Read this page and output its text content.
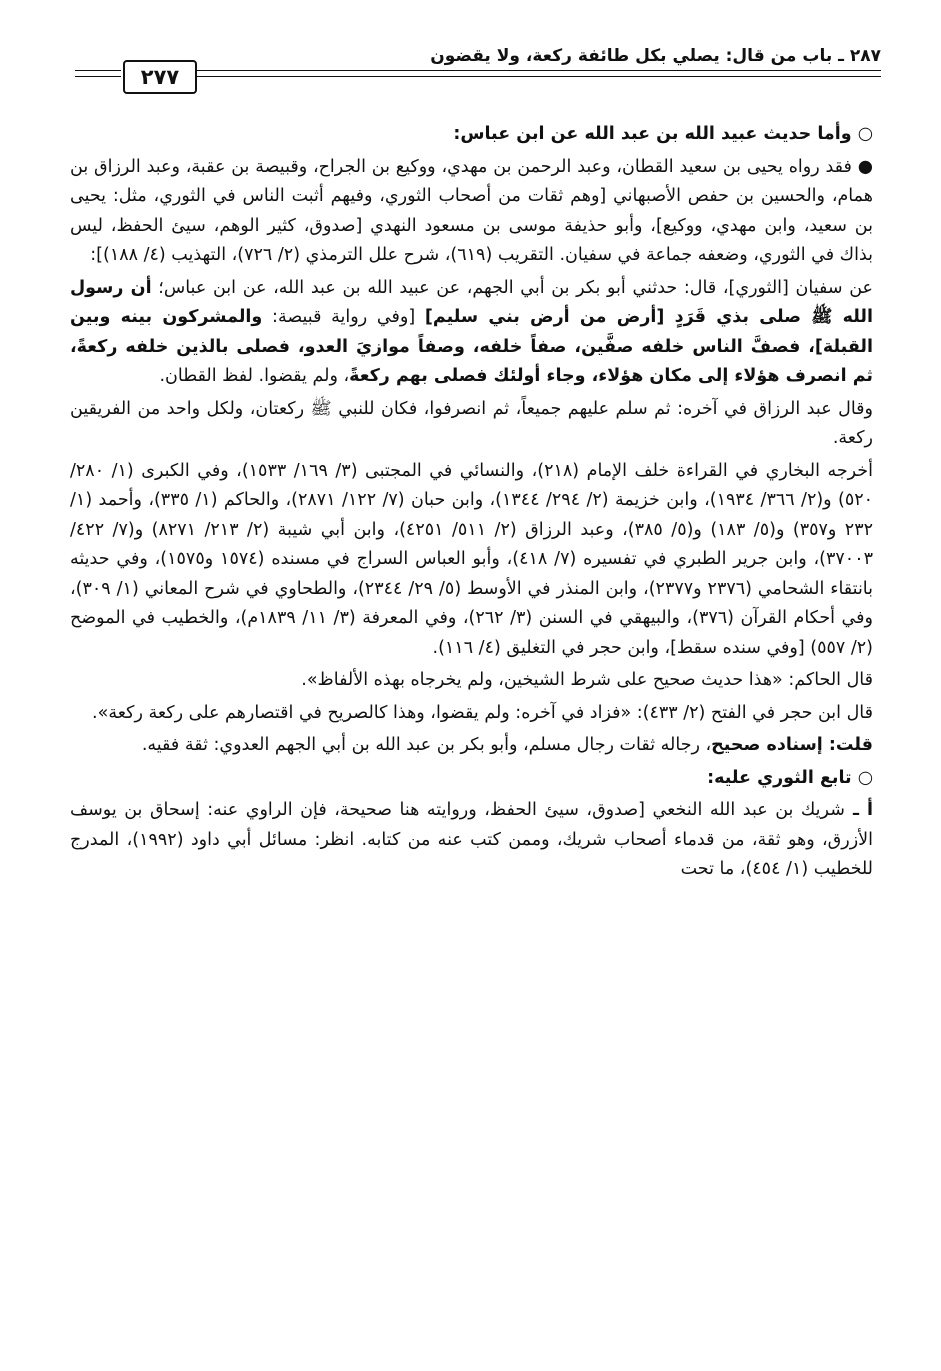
٢٨٧ ـ باب من قال: يصلي بكل طائفة ركعة، ولا يقضون
٢٧٧

○ وأما حديث عبيد الله بن عبد الله عن ابن عباس:

● فقد رواه يحيى بن سعيد القطان، وعبد الرحمن بن مهدي، ووكيع بن الجراح، وقبيصة بن عقبة، وعبد الرزاق بن همام، والحسين بن حفص الأصبهاني [وهم ثقات من أصحاب الثوري، وفيهم أثبت الناس في الثوري، مثل: يحيى بن سعيد، وابن مهدي، ووكيع]، وأبو حذيفة موسى بن مسعود النهدي [صدوق، كثير الوهم، سيئ الحفظ، ليس بذاك في الثوري، وضعفه جماعة في سفيان. التقريب (٦١٩)، شرح علل الترمذي (٢/ ٧٢٦)، التهذيب (٤/ ١٨٨)]:

عن سفيان [الثوري]، قال: حدثني أبو بكر بن أبي الجهم، عن عبيد الله بن عبد الله، عن ابن عباس؛ أن رسول الله ﷺ صلى بذي قَرَدٍ [أرض من أرض بني سليم] [وفي رواية قبيصة: والمشركون بينه وبين القبلة]، فصفَّ الناس خلفه صفَّين، صفاً خلفه، وصفاً موازيَ العدو، فصلى بالذين خلفه ركعةً، ثم انصرف هؤلاء إلى مكان هؤلاء، وجاء أولئك فصلى بهم ركعةً، ولم يقضوا. لفظ القطان.

وقال عبد الرزاق في آخره: ثم سلم عليهم جميعاً، ثم انصرفوا، فكان للنبي ﷺ ركعتان، ولكل واحد من الفريقين ركعة.

أخرجه البخاري في القراءة خلف الإمام (٢١٨)، والنسائي في المجتبى (٣/ ١٦٩/ ١٥٣٣)، وفي الكبرى (١/ ٢٨٠/ ٥٢٠) و(٢/ ٣٦٦/ ١٩٣٤)، وابن خزيمة (٢/ ٢٩٤/ ١٣٤٤)، وابن حبان (٧/ ١٢٢/ ٢٨٧١)، والحاكم (١/ ٣٣٥)، وأحمد (١/ ٢٣٢ و٣٥٧) و(٥/ ١٨٣) و(٥/ ٣٨٥)، وعبد الرزاق (٢/ ٥١١/ ٤٢٥١)، وابن أبي شيبة (٢/ ٢١٣/ ٨٢٧١) و(٧/ ٤٢٢/ ٣٧٠٠٣)، وابن جرير الطبري في تفسيره (٧/ ٤١٨)، وأبو العباس السراج في مسنده (١٥٧٤ و١٥٧٥)، وفي حديثه بانتقاء الشحامي (٢٣٧٦ و٢٣٧٧)، وابن المنذر في الأوسط (٥/ ٢٩/ ٢٣٤٤)، والطحاوي في شرح المعاني (١/ ٣٠٩)، وفي أحكام القرآن (٣٧٦)، والبيهقي في السنن (٣/ ٢٦٢)، وفي المعرفة (٣/ ١١/ ١٨٣٩م)، والخطيب في الموضح (٢/ ٥٥٧) [وفي سنده سقط]، وابن حجر في التغليق (٤/ ١١٦).

قال الحاكم: «هذا حديث صحيح على شرط الشيخين، ولم يخرجاه بهذه الألفاظ».

قال ابن حجر في الفتح (٢/ ٤٣٣): «فزاد في آخره: ولم يقضوا، وهذا كالصريح في اقتصارهم على ركعة ركعة».

قلت: إسناده صحيح، رجاله ثقات رجال مسلم، وأبو بكر بن عبد الله بن أبي الجهم العدوي: ثقة فقيه.

○ تابع الثوري عليه:

أ ـ شريك بن عبد الله النخعي [صدوق، سيئ الحفظ، وروايته هنا صحيحة، فإن الراوي عنه: إسحاق بن يوسف الأزرق، وهو ثقة، من قدماء أصحاب شريك، وممن كتب عنه من كتابه. انظر: مسائل أبي داود (١٩٩٢)، المدرج للخطيب (١/ ٤٥٤)، ما تحت
